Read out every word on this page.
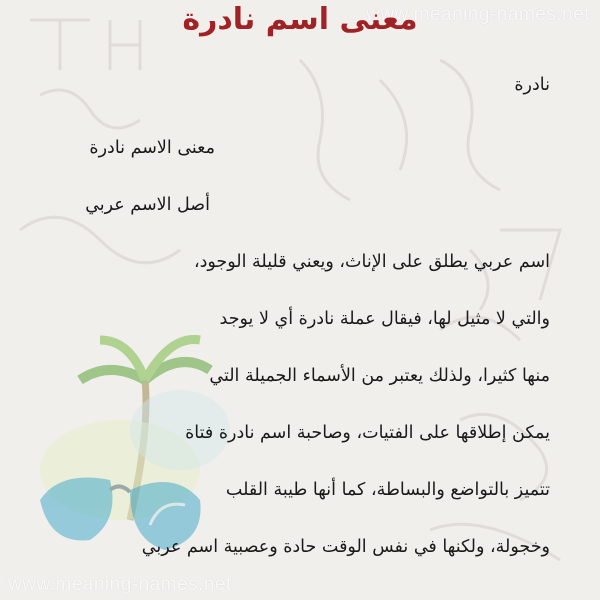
www.meaning-names.net
معنى اسم نادرة
نادرة
معنى الاسم نادرة
أصل الاسم عربي
اسم عربي يطلق على الإناث، ويعني قليلة الوجود،
والتي لا مثيل لها، فيقال عملة نادرة أي لا يوجد
منها كثيرا، ولذلك يعتبر من الأسماء الجميلة التي
يمكن إطلاقها على الفتيات، وصاحبة اسم نادرة فتاة
تتميز بالتواضع والبساطة، كما أنها طيبة القلب
وخجولة، ولكنها في نفس الوقت حادة وعصبية اسم عربي
www.meaning-names.net
